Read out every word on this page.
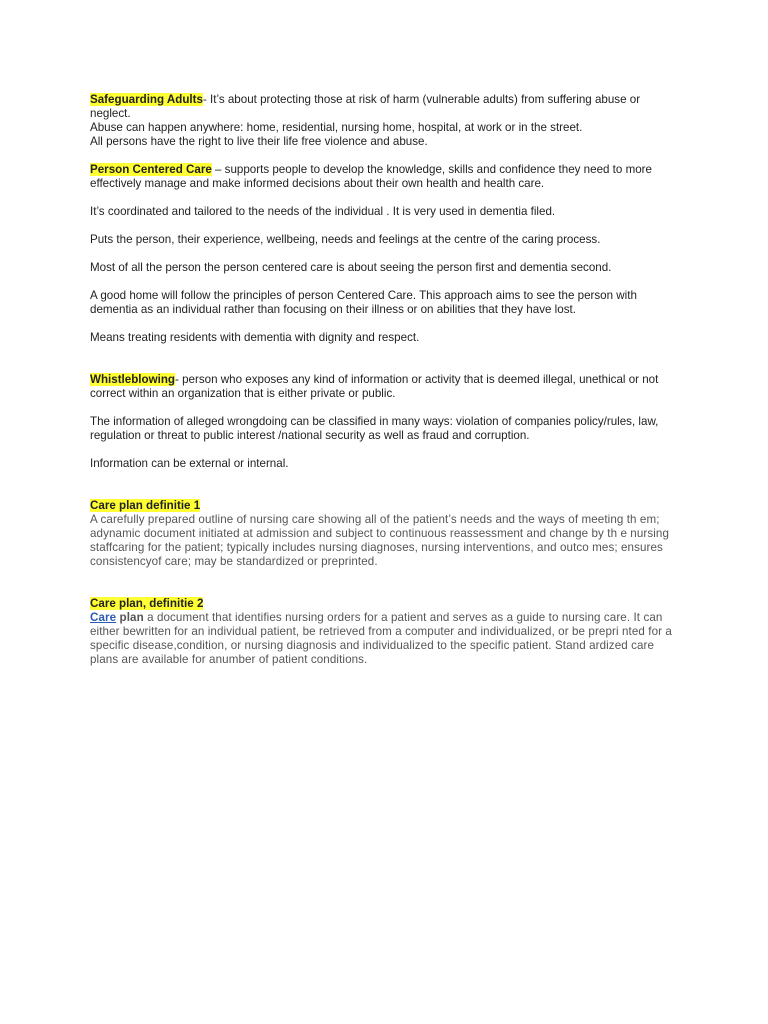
Safeguarding Adults- It’s about protecting those at risk of harm (vulnerable adults) from suffering abuse or neglect.

Abuse can happen anywhere: home, residential, nursing home, hospital, at work or in the street.

All persons have the right to live their life free violence and abuse.

Person Centered Care – supports people to develop the knowledge, skills and confidence they need to more effectively manage and make informed decisions about their own health and health care.

It’s coordinated and tailored to the needs of the individual . It is very used in dementia filed.

Puts the person, their experience, wellbeing, needs and feelings at the centre of the caring process.

Most of all the person the person centered care is about seeing the person first and dementia second.

A good home will follow the principles of person Centered Care. This approach aims to see the person with dementia as an individual rather than focusing on their illness or on abilities that they have lost.

Means treating residents with dementia with dignity and respect.

Whistleblowing- person who exposes any kind of information or activity that is deemed illegal, unethical or not correct within an organization that is either private or public.

The information of alleged wrongdoing can be classified in many ways: violation of companies policy/rules, law, regulation or threat to public interest /national security as well as fraud and corruption.

Information can be external or internal.

Care plan definitie 1

A carefully prepared outline of nursing care showing all of the patient’s needs and the ways of meeting th em; adynamic document initiated at admission and subject to continuous reassessment and change by th e nursing staffcaring for the patient; typically includes nursing diagnoses, nursing interventions, and outco mes; ensures consistencyof care; may be standardized or preprinted.

Care plan, definitie 2

Care plan a document that identifies nursing orders for a patient and serves as a guide to nursing care. It can either bewritten for an individual patient, be retrieved from a computer and individualized, or be prepri nted for a specific disease,condition, or nursing diagnosis and individualized to the specific patient. Stand ardized care plans are available for anumber of patient conditions.
